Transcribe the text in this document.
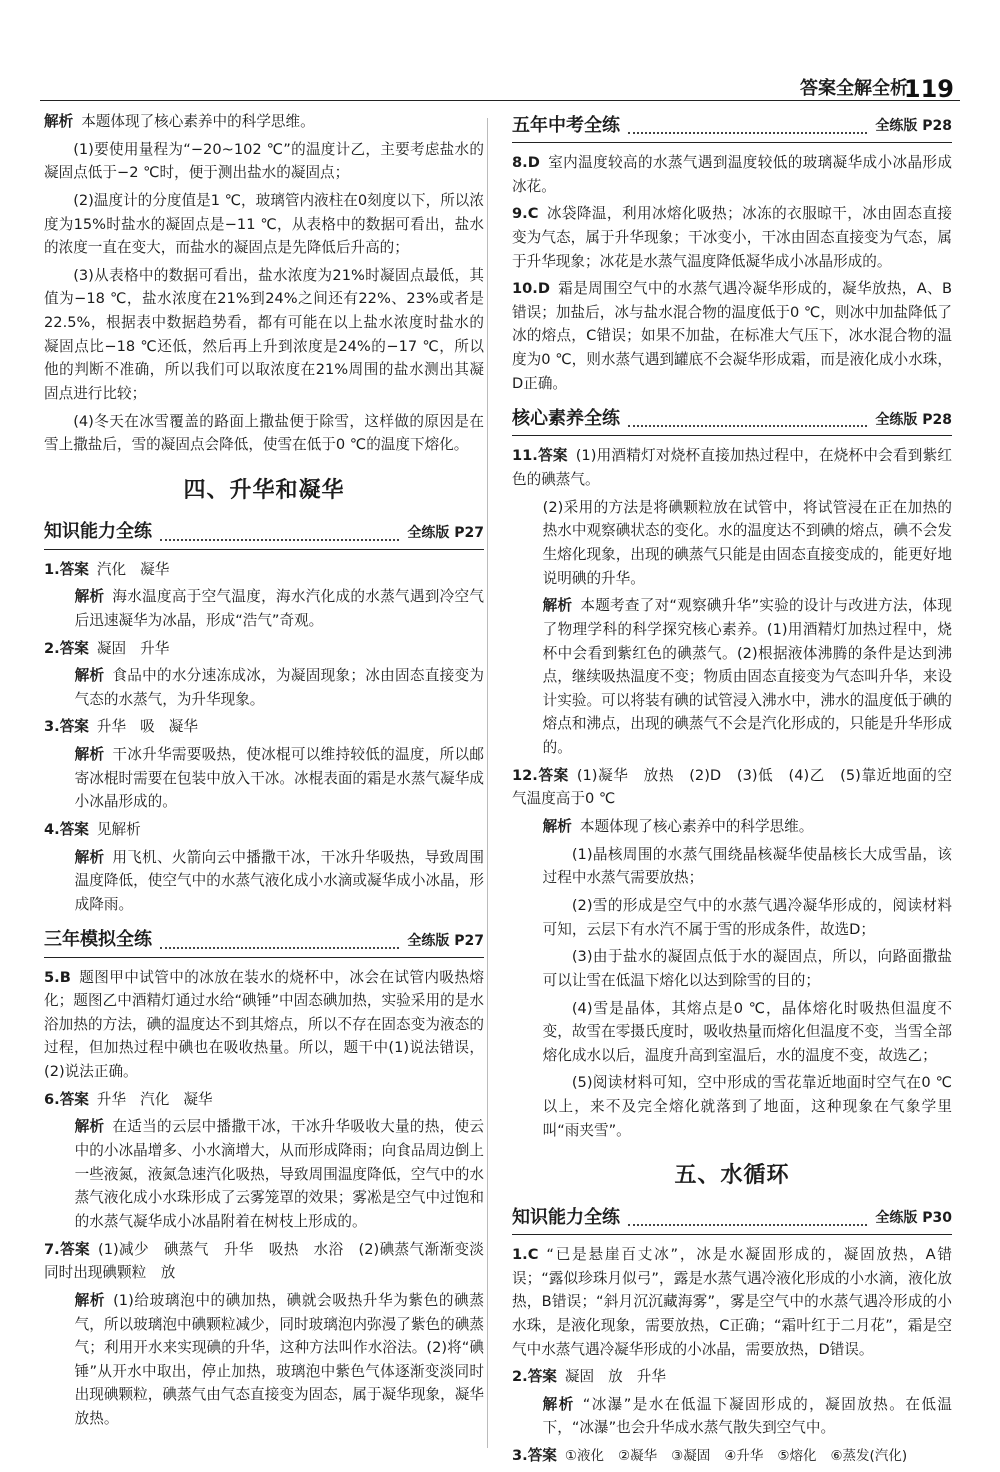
答案全解全析
119

解析 本题体现了核心素养中的科学思维。

(1)要使用量程为“−20~102 ℃”的温度计乙，主要考虑盐水的凝固点低于−2 ℃时，便于测出盐水的凝固点；

(2)温度计的分度值是1 ℃，玻璃管内液柱在0刻度以下，所以浓度为15%时盐水的凝固点是−11 ℃，从表格中的数据可看出，盐水的浓度一直在变大，而盐水的凝固点是先降低后升高的；

(3)从表格中的数据可看出，盐水浓度为21%时凝固点最低，其值为−18 ℃，盐水浓度在21%到24%之间还有22%、23%或者是22.5%，根据表中数据趋势看，都有可能在以上盐水浓度时盐水的凝固点比−18 ℃还低，然后再上升到浓度是24%的−17 ℃，所以他的判断不准确，所以我们可以取浓度在21%周围的盐水测出其凝固点进行比较；

(4)冬天在冰雪覆盖的路面上撒盐便于除雪，这样做的原因是在雪上撒盐后，雪的凝固点会降低，使雪在低于0 ℃的温度下熔化。

四、升华和凝华
知识能力全练	全练版 P27

1.答案 汽化 凝华

解析 海水温度高于空气温度，海水汽化成的水蒸气遇到冷空气后迅速凝华为冰晶，形成“浩气”奇观。

2.答案 凝固 升华

解析 食品中的水分速冻成冰，为凝固现象；冰由固态直接变为气态的水蒸气，为升华现象。

3.答案 升华 吸 凝华

解析 干冰升华需要吸热，使冰棍可以维持较低的温度，所以邮寄冰棍时需要在包装中放入干冰。冰棍表面的霜是水蒸气凝华成小冰晶形成的。

4.答案 见解析

解析 用飞机、火箭向云中播撒干冰，干冰升华吸热，导致周围温度降低，使空气中的水蒸气液化成小水滴或凝华成小冰晶，形成降雨。

三年模拟全练	全练版 P27

5.B 题图甲中试管中的冰放在装水的烧杯中，冰会在试管内吸热熔化；题图乙中酒精灯通过水给“碘锤”中固态碘加热，实验采用的是水浴加热的方法，碘的温度达不到其熔点，所以不存在固态变为液态的过程，但加热过程中碘也在吸收热量。所以，题干中(1)说法错误，(2)说法正确。

6.答案 升华 汽化 凝华

解析 在适当的云层中播撒干冰，干冰升华吸收大量的热，使云中的小冰晶增多、小水滴增大，从而形成降雨；向食品周边倒上一些液氮，液氮急速汽化吸热，导致周围温度降低，空气中的水蒸气液化成小水珠形成了云雾笼罩的效果；雾凇是空气中过饱和的水蒸气凝华成小冰晶附着在树枝上形成的。

7.答案 (1)减少　碘蒸气　升华　吸热　水浴　(2)碘蒸气渐渐变淡同时出现碘颗粒　放

解析 (1)给玻璃泡中的碘加热，碘就会吸热升华为紫色的碘蒸气，所以玻璃泡中碘颗粒减少，同时玻璃泡内弥漫了紫色的碘蒸气；利用开水来实现碘的升华，这种方法叫作水浴法。(2)将“碘锤”从开水中取出，停止加热，玻璃泡中紫色气体逐渐变淡同时出现碘颗粒，碘蒸气由气态直接变为固态，属于凝华现象，凝华放热。

五年中考全练	全练版 P28

8.D 室内温度较高的水蒸气遇到温度较低的玻璃凝华成小冰晶形成冰花。

9.C 冰袋降温，利用冰熔化吸热；冰冻的衣服晾干，冰由固态直接变为气态，属于升华现象；干冰变小，干冰由固态直接变为气态，属于升华现象；冰花是水蒸气温度降低凝华成小冰晶形成的。

10.D 霜是周围空气中的水蒸气遇冷凝华形成的，凝华放热，A、B错误；加盐后，冰与盐水混合物的温度低于0 ℃，则冰中加盐降低了冰的熔点，C错误；如果不加盐，在标准大气压下，冰水混合物的温度为0 ℃，则水蒸气遇到罐底不会凝华形成霜，而是液化成小水珠，D正确。

核心素养全练	全练版 P28

11.答案 (1)用酒精灯对烧杯直接加热过程中，在烧杯中会看到紫红色的碘蒸气。

(2)采用的方法是将碘颗粒放在试管中，将试管浸在正在加热的热水中观察碘状态的变化。水的温度达不到碘的熔点，碘不会发生熔化现象，出现的碘蒸气只能是由固态直接变成的，能更好地说明碘的升华。

解析 本题考查了对“观察碘升华”实验的设计与改进方法，体现了物理学科的科学探究核心素养。(1)用酒精灯加热过程中，烧杯中会看到紫红色的碘蒸气。(2)根据液体沸腾的条件是达到沸点，继续吸热温度不变；物质由固态直接变为气态叫升华，来设计实验。可以将装有碘的试管浸入沸水中，沸水的温度低于碘的熔点和沸点，出现的碘蒸气不会是汽化形成的，只能是升华形成的。

12.答案 (1)凝华　放热　(2)D　(3)低　(4)乙　(5)靠近地面的空气温度高于0 ℃

解析 本题体现了核心素养中的科学思维。

(1)晶核周围的水蒸气围绕晶核凝华使晶核长大成雪晶，该过程中水蒸气需要放热；

(2)雪的形成是空气中的水蒸气遇冷凝华形成的，阅读材料可知，云层下有水汽不属于雪的形成条件，故选D；

(3)由于盐水的凝固点低于水的凝固点，所以，向路面撒盐可以让雪在低温下熔化以达到除雪的目的；

(4)雪是晶体，其熔点是0 ℃，晶体熔化时吸热但温度不变，故雪在零摄氏度时，吸收热量而熔化但温度不变，当雪全部熔化成水以后，温度升高到室温后，水的温度不变，故选乙；

(5)阅读材料可知，空中形成的雪花靠近地面时空气在0 ℃以上，来不及完全熔化就落到了地面，这种现象在气象学里叫“雨夹雪”。

五、水循环
知识能力全练	全练版 P30

1.C “已是悬崖百丈冰”，冰是水凝固形成的，凝固放热，A错误；“露似珍珠月似弓”，露是水蒸气遇冷液化形成的小水滴，液化放热，B错误；“斜月沉沉藏海雾”，雾是空气中的水蒸气遇冷形成的小水珠，是液化现象，需要放热，C正确；“霜叶红于二月花”，霜是空气中水蒸气遇冷凝华形成的小冰晶，需要放热，D错误。

2.答案 凝固 放 升华

解析 “冰瀑”是水在低温下凝固形成的，凝固放热。在低温下，“冰瀑”也会升华成水蒸气散失到空气中。

3.答案 ①液化 ②凝华 ③凝固 ④升华 ⑤熔化 ⑥蒸发(汽化)
